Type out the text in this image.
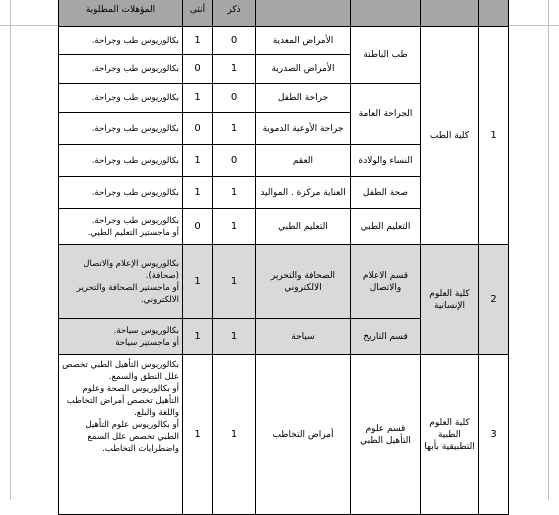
				ذكر	أنثى	المؤهلات المطلوبة
1	كلية الطب	طب الباطنة	الأمراض المعدية	0	1	بكالوريوس طب وجراحة.

			الأمراض الصدرية	1	0	بكالوريوس طب وجراحة.

		الجراحة العامة	جراحة الطفل	0	1	بكالوريوس طب وجراحة.

			جراحة الأوعية الدموية	1	0	بكالوريوس طب وجراحة.

		النساء والولادة	العقم	0	1	بكالوريوس طب وجراحة.

		صحة الطفل	العناية مركزة . المواليد	1	1	بكالوريوس طب وجراحة.

		التعليم الطبي	التعليم الطبي	1	0	بكالوريوس طب وجراحة.
أو ماجستير التعليم الطبي.

2	كلية العلوم الإنسانية	قسم الاعلام والاتصال	الصحافة والتحرير الالكتروني	1	1	بكالوريوس الإعلام والاتصال (صحافة).
أو ماجستير الصحافة والتحرير الالكتروني.

		قسم التاريخ	سياحة	1	1	بكالوريوس سياحة.
أو ماجستير سياحة

3	كلية العلوم الطبية التطبيقية بأبها	قسم علوم التأهيل الطبي	أمراض التخاطب	1	1	بكالوريوس التأهيل الطبي تخصص علل النطق والسمع.
أو بكالوريوس الصحة وعلوم التأهيل تخصص أمراض التخاطب واللغة والبلع.
أو بكالوريوس علوم التأهيل الطبي تخصص علل السمع واضطرابات التخاطب.
